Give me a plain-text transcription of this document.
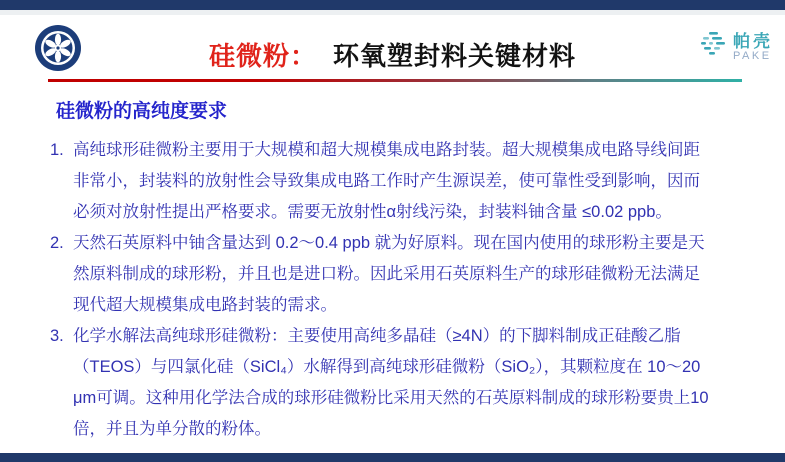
硅微粉： 环氧塑封料关键材料	帕壳
PAKE
硅微粉的高纯度要求
1. 高纯球形硅微粉主要用于大规模和超大规模集成电路封装。超大规模集成电路导线间距
非常小，封装料的放射性会导致集成电路工作时产生源误差，使可靠性受到影响，因而
必须对放射性提出严格要求。需要无放射性α射线污染，封装料铀含量 ≤0.02 ppb。
2. 天然石英原料中铀含量达到 0.2～0.4 ppb 就为好原料。现在国内使用的球形粉主要是天
然原料制成的球形粉，并且也是进口粉。因此采用石英原料生产的球形硅微粉无法满足
现代超大规模集成电路封装的需求。
3. 化学水解法高纯球形硅微粉：主要使用高纯多晶硅（≥4N）的下脚料制成正硅酸乙脂
（TEOS）与四氯化硅（SiCl₄）水解得到高纯球形硅微粉（SiO₂），其颗粒度在 10～20
μm可调。这种用化学法合成的球形硅微粉比采用天然的石英原料制成的球形粉要贵上10
倍，并且为单分散的粉体。
